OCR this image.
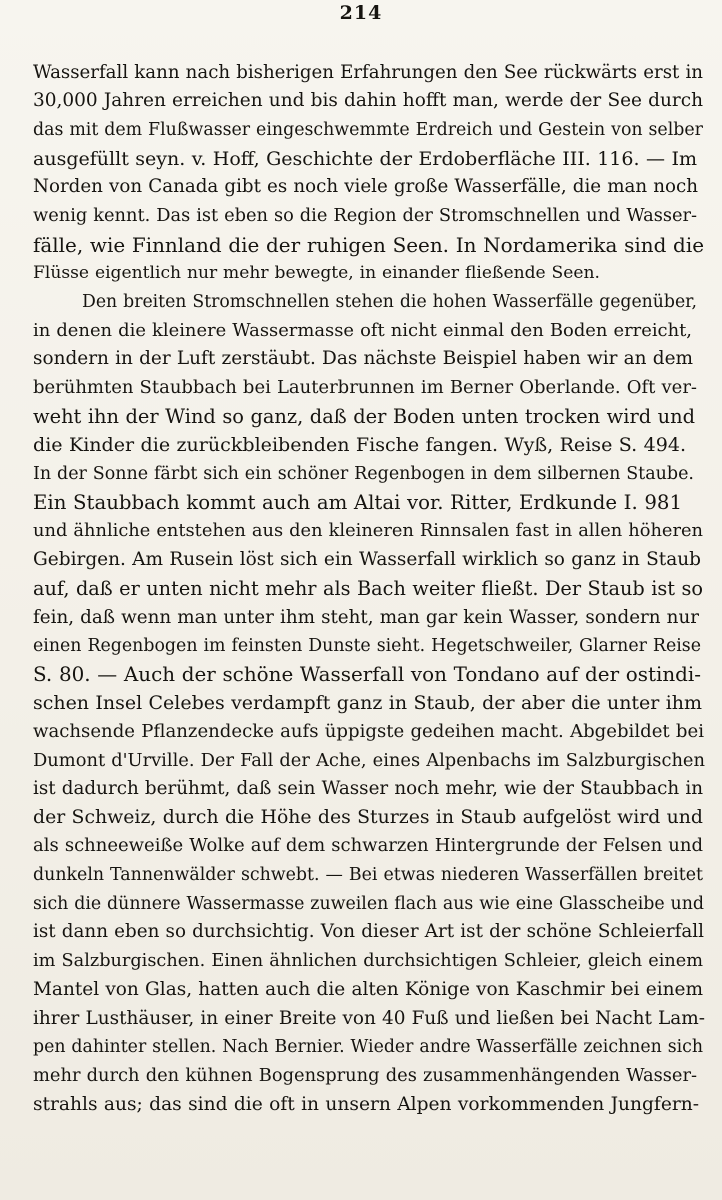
214
Wasserfall kann nach bisherigen Erfahrungen den See rückwärts erst in
30,000 Jahren erreichen und bis dahin hofft man, werde der See durch
das mit dem Flußwasser eingeschwemmte Erdreich und Gestein von selber
ausgefüllt seyn. v. Hoff, Geschichte der Erdoberfläche III. 116. — Im
Norden von Canada gibt es noch viele große Wasserfälle, die man noch
wenig kennt. Das ist eben so die Region der Stromschnellen und Wasser-
fälle, wie Finnland die der ruhigen Seen. In Nordamerika sind die
Flüsse eigentlich nur mehr bewegte, in einander fließende Seen.
Den breiten Stromschnellen stehen die hohen Wasserfälle gegenüber,
in denen die kleinere Wassermasse oft nicht einmal den Boden erreicht,
sondern in der Luft zerstäubt. Das nächste Beispiel haben wir an dem
berühmten Staubbach bei Lauterbrunnen im Berner Oberlande. Oft ver-
weht ihn der Wind so ganz, daß der Boden unten trocken wird und
die Kinder die zurückbleibenden Fische fangen. Wyß, Reise S. 494.
In der Sonne färbt sich ein schöner Regenbogen in dem silbernen Staube.
Ein Staubbach kommt auch am Altai vor. Ritter, Erdkunde I. 981
und ähnliche entstehen aus den kleineren Rinnsalen fast in allen höheren
Gebirgen. Am Rusein löst sich ein Wasserfall wirklich so ganz in Staub
auf, daß er unten nicht mehr als Bach weiter fließt. Der Staub ist so
fein, daß wenn man unter ihm steht, man gar kein Wasser, sondern nur
einen Regenbogen im feinsten Dunste sieht. Hegetschweiler, Glarner Reise
S. 80. — Auch der schöne Wasserfall von Tondano auf der ostindi-
schen Insel Celebes verdampft ganz in Staub, der aber die unter ihm
wachsende Pflanzendecke aufs üppigste gedeihen macht. Abgebildet bei
Dumont d'Urville. Der Fall der Ache, eines Alpenbachs im Salzburgischen
ist dadurch berühmt, daß sein Wasser noch mehr, wie der Staubbach in
der Schweiz, durch die Höhe des Sturzes in Staub aufgelöst wird und
als schneeweiße Wolke auf dem schwarzen Hintergrunde der Felsen und
dunkeln Tannenwälder schwebt. — Bei etwas niederen Wasserfällen breitet
sich die dünnere Wassermasse zuweilen flach aus wie eine Glasscheibe und
ist dann eben so durchsichtig. Von dieser Art ist der schöne Schleierfall
im Salzburgischen. Einen ähnlichen durchsichtigen Schleier, gleich einem
Mantel von Glas, hatten auch die alten Könige von Kaschmir bei einem
ihrer Lusthäuser, in einer Breite von 40 Fuß und ließen bei Nacht Lam-
pen dahinter stellen. Nach Bernier. Wieder andre Wasserfälle zeichnen sich
mehr durch den kühnen Bogensprung des zusammenhängenden Wasser-
strahls aus; das sind die oft in unsern Alpen vorkommenden Jungfern-
